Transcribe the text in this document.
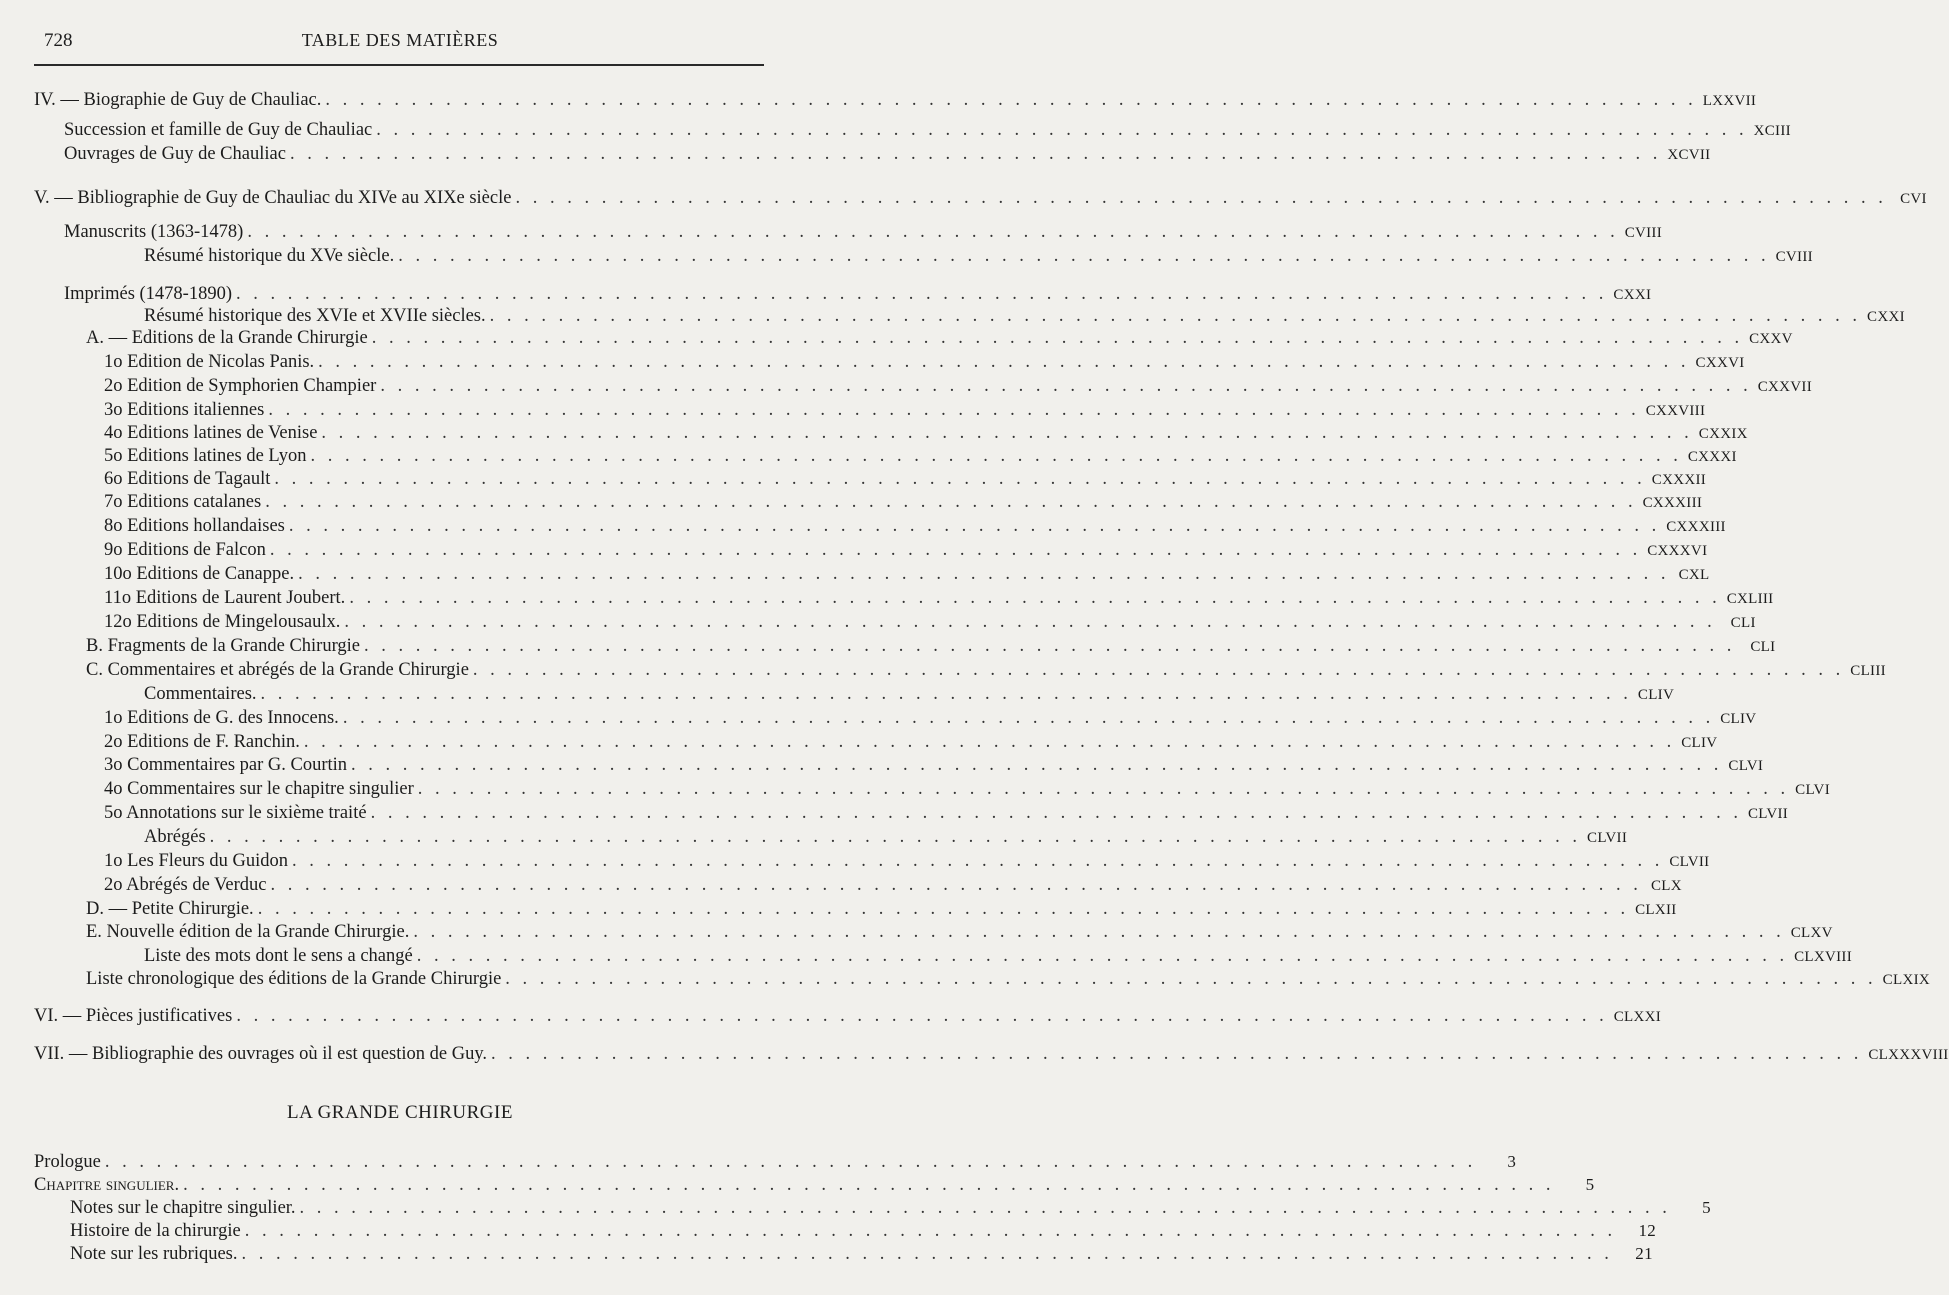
728	TABLE DES MATIÈRES
IV. — Biographie de Guy de Chauliac. . . . . . . . . . . . . . . . . . . . . . . . . . . . . . . . . . . . . . . . . . . . . . . . . . . . . . . . . . . . . . . . . . . . . . . . . . . . . . . . . LXXVII
Succession et famille de Guy de Chauliac . . . . . . . . . . . . . . . . . . . . . . . . . . . . . . . . . . . . . . . . . . . . . . . . . . . . . . . . . . . . . . . . . . . . . . . . . . . . . . . . XCIII
Ouvrages de Guy de Chauliac . . . . . . . . . . . . . . . . . . . . . . . . . . . . . . . . . . . . . . . . . . . . . . . . . . . . . . . . . . . . . . . . . . . . . . . . . . . . . . . . XCVII
V. — Bibliographie de Guy de Chauliac du XIVe au XIXe siècle . . . . . . . . . . . . . . . . . . . . . . . . . . . . . . . . . . . . . . . . . . . . . . . . . . . . . . . . . . . . . . . . . . . . . . . . . . . . . . . . CVI
Manuscrits (1363-1478) . . . . . . . . . . . . . . . . . . . . . . . . . . . . . . . . . . . . . . . . . . . . . . . . . . . . . . . . . . . . . . . . . . . . . . . . . . . . . . . . CVIII
Résumé historique du XVe siècle. . . . . . . . . . . . . . . . . . . . . . . . . . . . . . . . . . . . . . . . . . . . . . . . . . . . . . . . . . . . . . . . . . . . . . . . . . . . . . . . . CVIII
Imprimés (1478-1890) . . . . . . . . . . . . . . . . . . . . . . . . . . . . . . . . . . . . . . . . . . . . . . . . . . . . . . . . . . . . . . . . . . . . . . . . . . . . . . . . CXXI
Résumé historique des XVIe et XVIIe siècles. . . . . . . . . . . . . . . . . . . . . . . . . . . . . . . . . . . . . . . . . . . . . . . . . . . . . . . . . . . . . . . . . . . . . . . . . . . . . . . . . CXXI
A. — Editions de la Grande Chirurgie . . . . . . . . . . . . . . . . . . . . . . . . . . . . . . . . . . . . . . . . . . . . . . . . . . . . . . . . . . . . . . . . . . . . . . . . . . . . . . . . CXXV
1o Edition de Nicolas Panis. . . . . . . . . . . . . . . . . . . . . . . . . . . . . . . . . . . . . . . . . . . . . . . . . . . . . . . . . . . . . . . . . . . . . . . . . . . . . . . . . CXXVI
2o Edition de Symphorien Champier . . . . . . . . . . . . . . . . . . . . . . . . . . . . . . . . . . . . . . . . . . . . . . . . . . . . . . . . . . . . . . . . . . . . . . . . . . . . . . . . CXXVII
3o Editions italiennes . . . . . . . . . . . . . . . . . . . . . . . . . . . . . . . . . . . . . . . . . . . . . . . . . . . . . . . . . . . . . . . . . . . . . . . . . . . . . . . . CXXVIII
4o Editions latines de Venise . . . . . . . . . . . . . . . . . . . . . . . . . . . . . . . . . . . . . . . . . . . . . . . . . . . . . . . . . . . . . . . . . . . . . . . . . . . . . . . . CXXIX
5o Editions latines de Lyon . . . . . . . . . . . . . . . . . . . . . . . . . . . . . . . . . . . . . . . . . . . . . . . . . . . . . . . . . . . . . . . . . . . . . . . . . . . . . . . . CXXXI
6o Editions de Tagault . . . . . . . . . . . . . . . . . . . . . . . . . . . . . . . . . . . . . . . . . . . . . . . . . . . . . . . . . . . . . . . . . . . . . . . . . . . . . . . . CXXXII
7o Editions catalanes . . . . . . . . . . . . . . . . . . . . . . . . . . . . . . . . . . . . . . . . . . . . . . . . . . . . . . . . . . . . . . . . . . . . . . . . . . . . . . . . CXXXIII
8o Editions hollandaises . . . . . . . . . . . . . . . . . . . . . . . . . . . . . . . . . . . . . . . . . . . . . . . . . . . . . . . . . . . . . . . . . . . . . . . . . . . . . . . . CXXXIII
9o Editions de Falcon . . . . . . . . . . . . . . . . . . . . . . . . . . . . . . . . . . . . . . . . . . . . . . . . . . . . . . . . . . . . . . . . . . . . . . . . . . . . . . . . CXXXVI
10o Editions de Canappe. . . . . . . . . . . . . . . . . . . . . . . . . . . . . . . . . . . . . . . . . . . . . . . . . . . . . . . . . . . . . . . . . . . . . . . . . . . . . . . . . CXL
11o Editions de Laurent Joubert. . . . . . . . . . . . . . . . . . . . . . . . . . . . . . . . . . . . . . . . . . . . . . . . . . . . . . . . . . . . . . . . . . . . . . . . . . . . . . . . . CXLIII
12o Editions de Mingelousaulx. . . . . . . . . . . . . . . . . . . . . . . . . . . . . . . . . . . . . . . . . . . . . . . . . . . . . . . . . . . . . . . . . . . . . . . . . . . . . . . . . CLI
B. Fragments de la Grande Chirurgie . . . . . . . . . . . . . . . . . . . . . . . . . . . . . . . . . . . . . . . . . . . . . . . . . . . . . . . . . . . . . . . . . . . . . . . . . . . . . . . . CLI
C. Commentaires et abrégés de la Grande Chirurgie . . . . . . . . . . . . . . . . . . . . . . . . . . . . . . . . . . . . . . . . . . . . . . . . . . . . . . . . . . . . . . . . . . . . . . . . . . . . . . . . CLIII
Commentaires. . . . . . . . . . . . . . . . . . . . . . . . . . . . . . . . . . . . . . . . . . . . . . . . . . . . . . . . . . . . . . . . . . . . . . . . . . . . . . . . . CLIV
1o Editions de G. des Innocens. . . . . . . . . . . . . . . . . . . . . . . . . . . . . . . . . . . . . . . . . . . . . . . . . . . . . . . . . . . . . . . . . . . . . . . . . . . . . . . . . CLIV
2o Editions de F. Ranchin. . . . . . . . . . . . . . . . . . . . . . . . . . . . . . . . . . . . . . . . . . . . . . . . . . . . . . . . . . . . . . . . . . . . . . . . . . . . . . . . . CLIV
3o Commentaires par G. Courtin . . . . . . . . . . . . . . . . . . . . . . . . . . . . . . . . . . . . . . . . . . . . . . . . . . . . . . . . . . . . . . . . . . . . . . . . . . . . . . . . CLVI
4o Commentaires sur le chapitre singulier . . . . . . . . . . . . . . . . . . . . . . . . . . . . . . . . . . . . . . . . . . . . . . . . . . . . . . . . . . . . . . . . . . . . . . . . . . . . . . . . CLVI
5o Annotations sur le sixième traité . . . . . . . . . . . . . . . . . . . . . . . . . . . . . . . . . . . . . . . . . . . . . . . . . . . . . . . . . . . . . . . . . . . . . . . . . . . . . . . . CLVII
Abrégés . . . . . . . . . . . . . . . . . . . . . . . . . . . . . . . . . . . . . . . . . . . . . . . . . . . . . . . . . . . . . . . . . . . . . . . . . . . . . . . . CLVII
1o Les Fleurs du Guidon . . . . . . . . . . . . . . . . . . . . . . . . . . . . . . . . . . . . . . . . . . . . . . . . . . . . . . . . . . . . . . . . . . . . . . . . . . . . . . . . CLVII
2o Abrégés de Verduc . . . . . . . . . . . . . . . . . . . . . . . . . . . . . . . . . . . . . . . . . . . . . . . . . . . . . . . . . . . . . . . . . . . . . . . . . . . . . . . . CLX
D. — Petite Chirurgie. . . . . . . . . . . . . . . . . . . . . . . . . . . . . . . . . . . . . . . . . . . . . . . . . . . . . . . . . . . . . . . . . . . . . . . . . . . . . . . . . CLXII
E. Nouvelle édition de la Grande Chirurgie. . . . . . . . . . . . . . . . . . . . . . . . . . . . . . . . . . . . . . . . . . . . . . . . . . . . . . . . . . . . . . . . . . . . . . . . . . . . . . . . . CLXV
Liste des mots dont le sens a changé . . . . . . . . . . . . . . . . . . . . . . . . . . . . . . . . . . . . . . . . . . . . . . . . . . . . . . . . . . . . . . . . . . . . . . . . . . . . . . . . CLXVIII
Liste chronologique des éditions de la Grande Chirurgie . . . . . . . . . . . . . . . . . . . . . . . . . . . . . . . . . . . . . . . . . . . . . . . . . . . . . . . . . . . . . . . . . . . . . . . . . . . . . . . . CLXIX
VI. — Pièces justificatives . . . . . . . . . . . . . . . . . . . . . . . . . . . . . . . . . . . . . . . . . . . . . . . . . . . . . . . . . . . . . . . . . . . . . . . . . . . . . . . . CLXXI
VII. — Bibliographie des ouvrages où il est question de Guy. . . . . . . . . . . . . . . . . . . . . . . . . . . . . . . . . . . . . . . . . . . . . . . . . . . . . . . . . . . . . . . . . . . . . . . . . . . . . . . . . CLXXXVIII
Prologue . . . . . . . . . . . . . . . . . . . . . . . . . . . . . . . . . . . . . . . . . . . . . . . . . . . . . . . . . . . . . . . . . . . . . . . . . . . . . . . .	3
Chapitre singulier. . . . . . . . . . . . . . . . . . . . . . . . . . . . . . . . . . . . . . . . . . . . . . . . . . . . . . . . . . . . . . . . . . . . . . . . . . . . . . . . .	5
Notes sur le chapitre singulier. . . . . . . . . . . . . . . . . . . . . . . . . . . . . . . . . . . . . . . . . . . . . . . . . . . . . . . . . . . . . . . . . . . . . . . . . . . . . . . . .	5
Histoire de la chirurgie . . . . . . . . . . . . . . . . . . . . . . . . . . . . . . . . . . . . . . . . . . . . . . . . . . . . . . . . . . . . . . . . . . . . . . . . . . . . . . . .	12
Note sur les rubriques. . . . . . . . . . . . . . . . . . . . . . . . . . . . . . . . . . . . . . . . . . . . . . . . . . . . . . . . . . . . . . . . . . . . . . . . . . . . . . . . .	21
LA GRANDE CHIRURGIE
